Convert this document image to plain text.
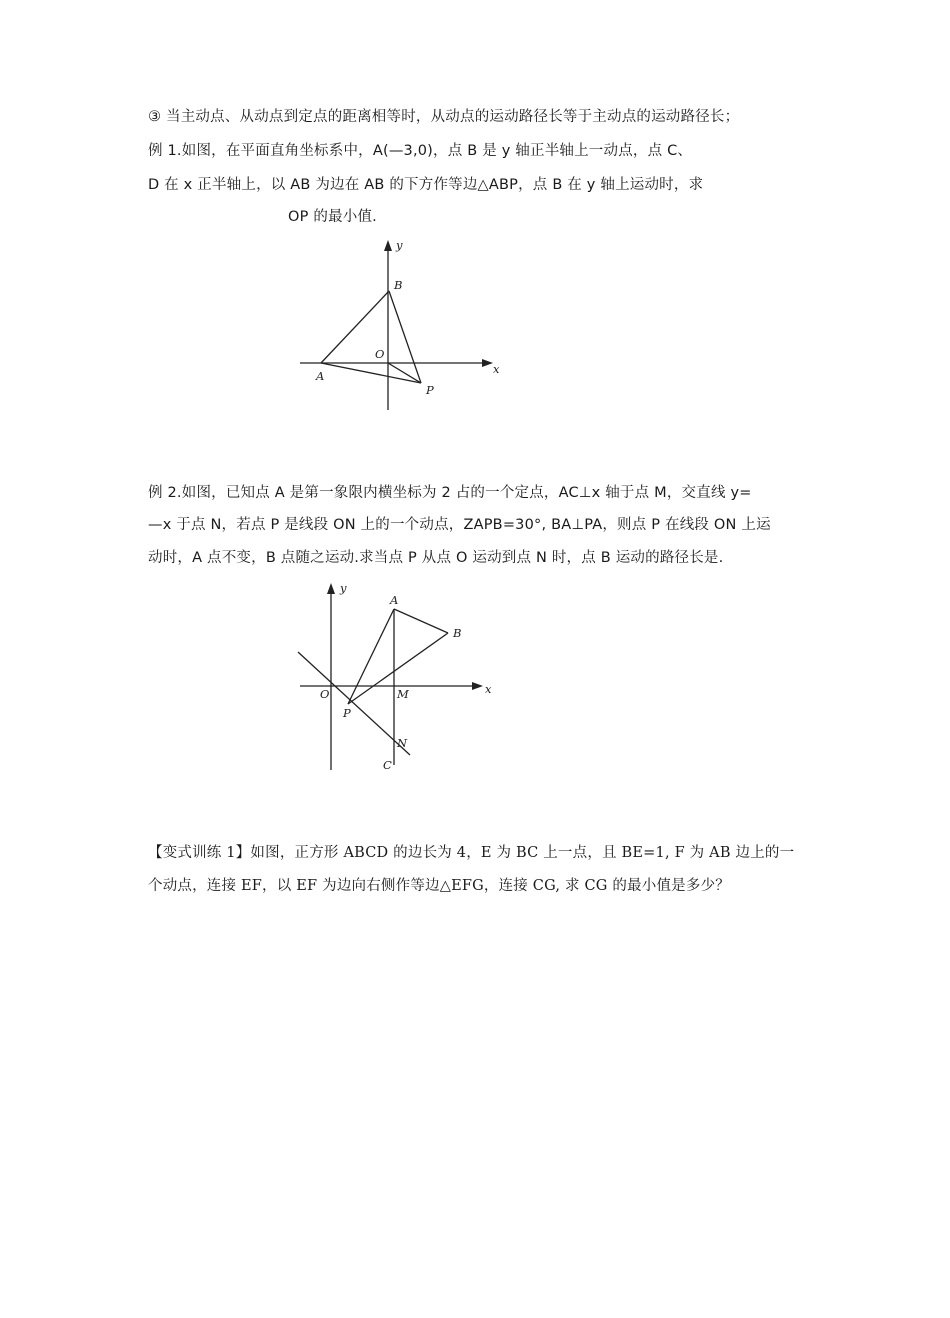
③ 当主动点、从动点到定点的距离相等时，从动点的运动路径长等于主动点的运动路径长；
例 1.如图，在平面直角坐标系中，A(—3,0)，点 B 是 y 轴正半轴上一动点，点 C、
D 在 x 正半轴上，以 AB 为边在 AB 的下方作等边△ABP，点 B 在 y 轴上运动时，求
OP 的最小值.
y
B
O
x
A
P
例 2.如图，已知点 A 是第一象限内横坐标为 2 占的一个定点，AC⊥x 轴于点 M，交直线 y=
—x 于点 N，若点 P 是线段 ON 上的一个动点，ZAPB=30°, BA⊥PA，则点 P 在线段 ON 上运
动时，A 点不变，B 点随之运动.求当点 P 从点 O 运动到点 N 时，点 B 运动的路径长是.
y
A
B
O	M	x
P
N
C
【变式训练 1】如图，正方形 ABCD 的边长为 4，E 为 BC 上一点，且 BE=1, F 为 AB 边上的一
个动点，连接 EF，以 EF 为边向右侧作等边△EFG，连接 CG, 求 CG 的最小值是多少？
